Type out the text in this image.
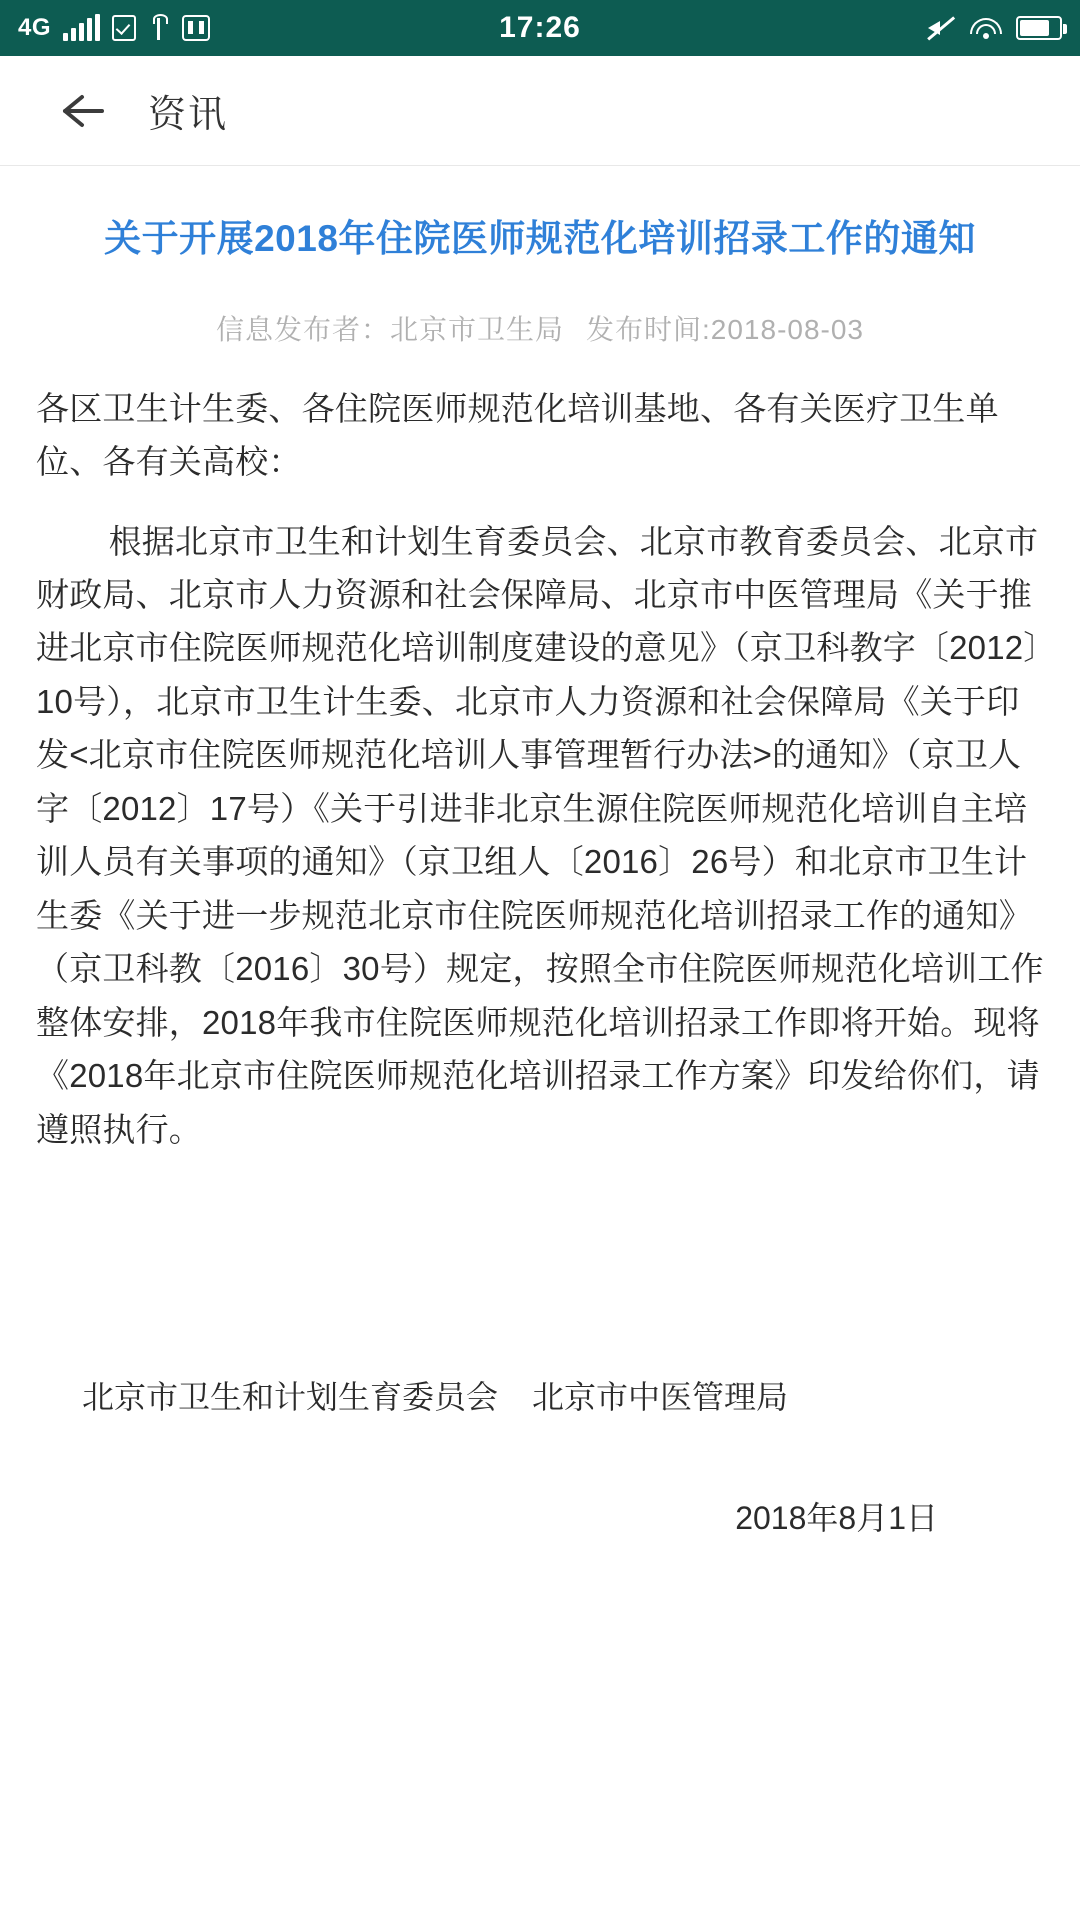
4G	17:26
资讯
关于开展2018年住院医师规范化培训招录工作的通知
信息发布者：北京市卫生局 发布时间:2018-08-03

各区卫生计生委、各住院医师规范化培训基地、各有关医疗卫生单位、各有关高校：

根据北京市卫生和计划生育委员会、北京市教育委员会、北京市财政局、北京市人力资源和社会保障局、北京市中医管理局《关于推进北京市住院医师规范化培训制度建设的意见》（京卫科教字〔2012〕10号），北京市卫生计生委、北京市人力资源和社会保障局《关于印发<北京市住院医师规范化培训人事管理暂行办法>的通知》（京卫人字〔2012〕17号）《关于引进非北京生源住院医师规范化培训自主培训人员有关事项的通知》（京卫组人〔2016〕26号）和北京市卫生计生委《关于进一步规范北京市住院医师规范化培训招录工作的通知》（京卫科教〔2016〕30号）规定，按照全市住院医师规范化培训工作整体安排，2018年我市住院医师规范化培训招录工作即将开始。现将《2018年北京市住院医师规范化培训招录工作方案》印发给你们，请遵照执行。

北京市卫生和计划生育委员会 北京市中医管理局
2018年8月1日
